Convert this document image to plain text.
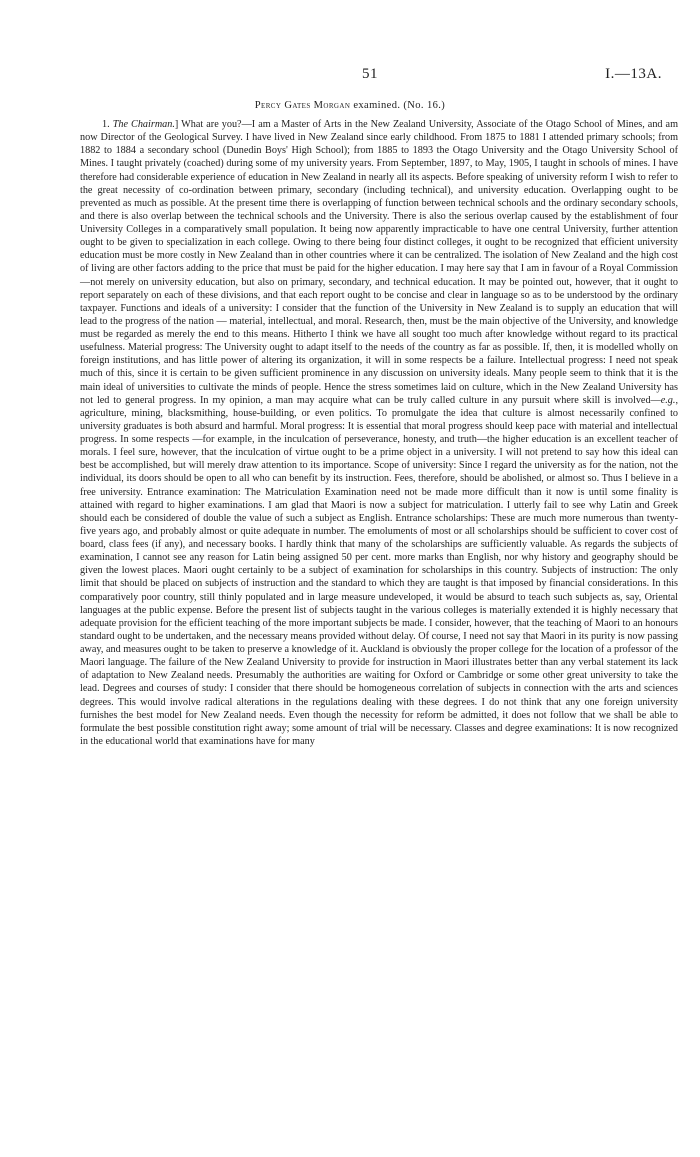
51	I.—13A.
Percy Gates Morgan examined. (No. 16.)

1. The Chairman.] What are you?—I am a Master of Arts in the New Zealand University, Associate of the Otago School of Mines, and am now Director of the Geological Survey. I have lived in New Zealand since early childhood. From 1875 to 1881 I attended primary schools; from 1882 to 1884 a secondary school (Dunedin Boys' High School); from 1885 to 1893 the Otago University and the Otago University School of Mines. I taught privately (coached) during some of my university years. From September, 1897, to May, 1905, I taught in schools of mines. I have therefore had considerable experience of education in New Zealand in nearly all its aspects. Before speaking of university reform I wish to refer to the great necessity of co-ordination between primary, secondary (including technical), and university education. Overlapping ought to be prevented as much as possible. At the present time there is overlapping of function between technical schools and the ordinary secondary schools, and there is also overlap between the technical schools and the University. There is also the serious overlap caused by the establishment of four University Colleges in a comparatively small population. It being now apparently impracticable to have one central University, further attention ought to be given to specialization in each college. Owing to there being four distinct colleges, it ought to be recognized that efficient university education must be more costly in New Zealand than in other countries where it can be centralized. The isolation of New Zealand and the high cost of living are other factors adding to the price that must be paid for the higher education. I may here say that I am in favour of a Royal Commission—not merely on university education, but also on primary, secondary, and technical education. It may be pointed out, however, that it ought to report separately on each of these divisions, and that each report ought to be concise and clear in language so as to be understood by the ordinary taxpayer. Functions and ideals of a university: I consider that the function of the University in New Zealand is to supply an education that will lead to the progress of the nation — material, intellectual, and moral. Research, then, must be the main objective of the University, and knowledge must be regarded as merely the end to this means. Hitherto I think we have all sought too much after knowledge without regard to its practical usefulness. Material progress: The University ought to adapt itself to the needs of the country as far as possible. If, then, it is modelled wholly on foreign institutions, and has little power of altering its organization, it will in some respects be a failure. Intellectual progress: I need not speak much of this, since it is certain to be given sufficient prominence in any discussion on university ideals. Many people seem to think that it is the main ideal of universities to cultivate the minds of people. Hence the stress sometimes laid on culture, which in the New Zealand University has not led to general progress. In my opinion, a man may acquire what can be truly called culture in any pursuit where skill is involved—e.g., agriculture, mining, blacksmithing, house-building, or even politics. To promulgate the idea that culture is almost necessarily confined to university graduates is both absurd and harmful. Moral progress: It is essential that moral progress should keep pace with material and intellectual progress. In some respects —for example, in the inculcation of perseverance, honesty, and truth—the higher education is an excellent teacher of morals. I feel sure, however, that the inculcation of virtue ought to be a prime object in a university. I will not pretend to say how this ideal can best be accomplished, but will merely draw attention to its importance. Scope of university: Since I regard the university as for the nation, not the individual, its doors should be open to all who can benefit by its instruction. Fees, therefore, should be abolished, or almost so. Thus I believe in a free university. Entrance examination: The Matriculation Examination need not be made more difficult than it now is until some finality is attained with regard to higher examinations. I am glad that Maori is now a subject for matriculation. I utterly fail to see why Latin and Greek should each be considered of double the value of such a subject as English. Entrance scholarships: These are much more numerous than twenty-five years ago, and probably almost or quite adequate in number. The emoluments of most or all scholarships should be sufficient to cover cost of board, class fees (if any), and necessary books. I hardly think that many of the scholarships are sufficiently valuable. As regards the subjects of examination, I cannot see any reason for Latin being assigned 50 per cent. more marks than English, nor why history and geography should be given the lowest places. Maori ought certainly to be a subject of examination for scholarships in this country. Subjects of instruction: The only limit that should be placed on subjects of instruction and the standard to which they are taught is that imposed by financial considerations. In this comparatively poor country, still thinly populated and in large measure undeveloped, it would be absurd to teach such subjects as, say, Oriental languages at the public expense. Before the present list of subjects taught in the various colleges is materially extended it is highly necessary that adequate provision for the efficient teaching of the more important subjects be made. I consider, however, that the teaching of Maori to an honours standard ought to be undertaken, and the necessary means provided without delay. Of course, I need not say that Maori in its purity is now passing away, and measures ought to be taken to preserve a knowledge of it. Auckland is obviously the proper college for the location of a professor of the Maori language. The failure of the New Zealand University to provide for instruction in Maori illustrates better than any verbal statement its lack of adaptation to New Zealand needs. Presumably the authorities are waiting for Oxford or Cambridge or some other great university to take the lead. Degrees and courses of study: I consider that there should be homogeneous correlation of subjects in connection with the arts and sciences degrees. This would involve radical alterations in the regulations dealing with these degrees. I do not think that any one foreign university furnishes the best model for New Zealand needs. Even though the necessity for reform be admitted, it does not follow that we shall be able to formulate the best possible constitution right away; some amount of trial will be necessary. Classes and degree examinations: It is now recognized in the educational world that examinations have for many
